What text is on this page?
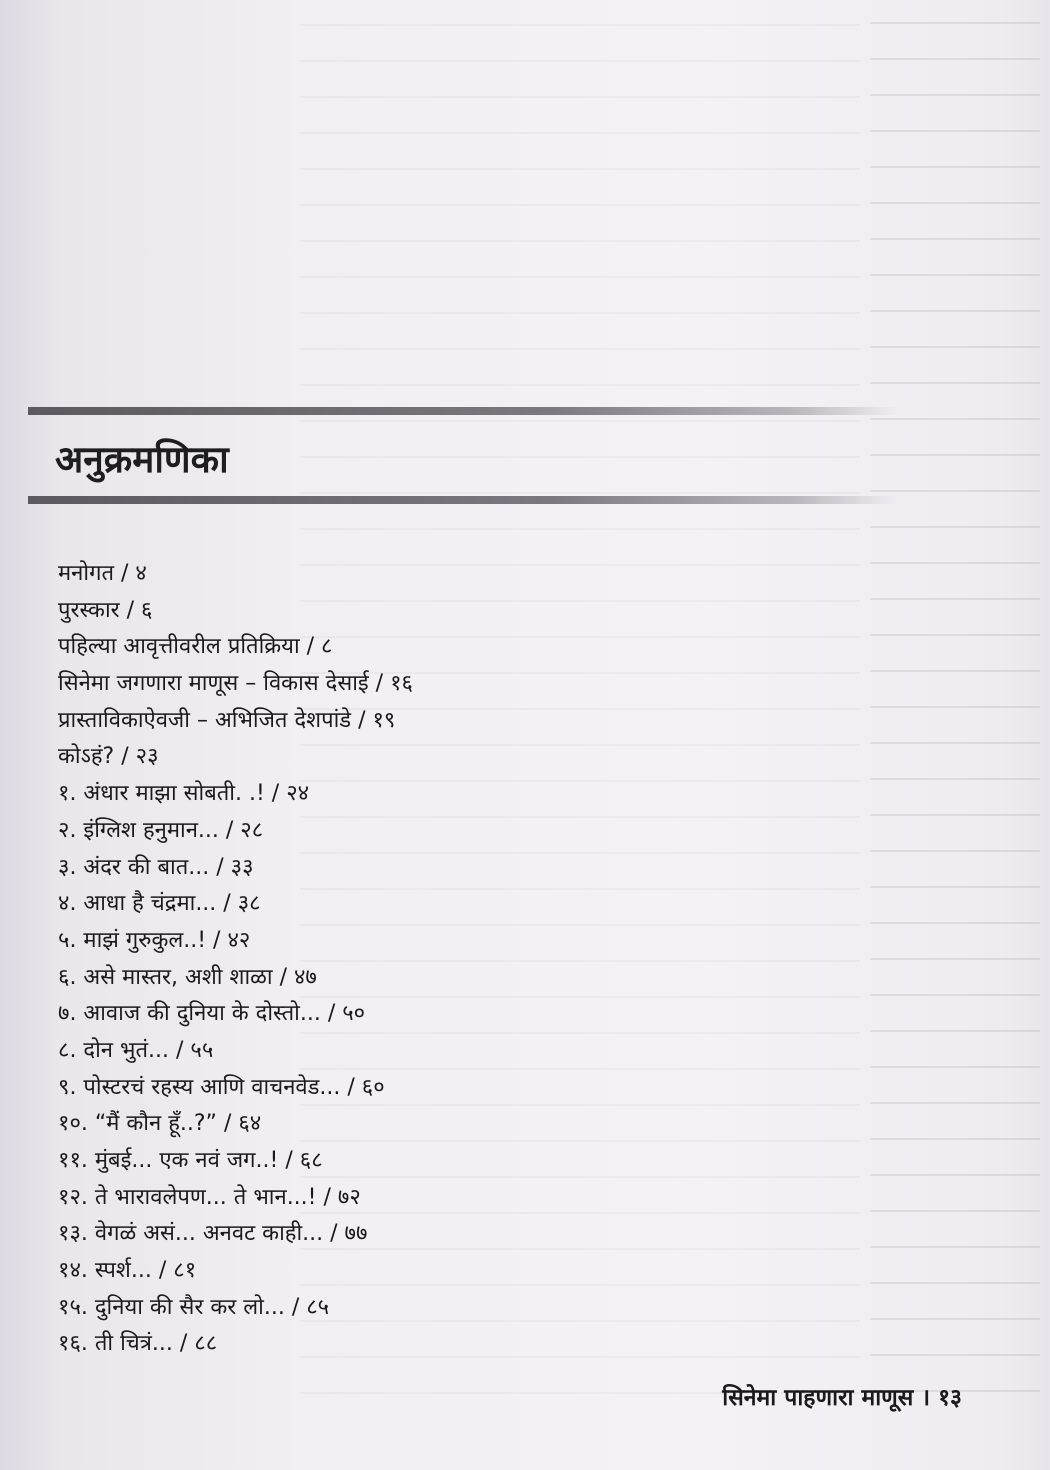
अनुक्रमणिका
मनोगत / ४
पुरस्कार / ६
पहिल्या आवृत्तीवरील प्रतिक्रिया / ८
सिनेमा जगणारा माणूस – विकास देसाई / १६
प्रास्ताविकाऐवजी – अभिजित देशपांडे / १९
कोऽहं? / २३
१. अंधार माझा सोबती. .! / २४
२. इंग्लिश हनुमान... / २८
३. अंदर की बात... / ३३
४. आधा है चंद्रमा... / ३८
५. माझं गुरुकुल..! / ४२
६. असे मास्तर, अशी शाळा / ४७
७. आवाज की दुनिया के दोस्तो... / ५०
८. दोन भुतं... / ५५
९. पोस्टरचं रहस्य आणि वाचनवेड... / ६०
१०. “मैं कौन हूँ..?” / ६४
११. मुंबई... एक नवं जग..! / ६८
१२. ते भारावलेपण... ते भान...! / ७२
१३. वेगळं असं... अनवट काही... / ७७
१४. स्पर्श... / ८१
१५. दुनिया की सैर कर लो... / ८५
१६. ती चित्रं... / ८८
सिनेमा पाहणारा माणूस । १३
